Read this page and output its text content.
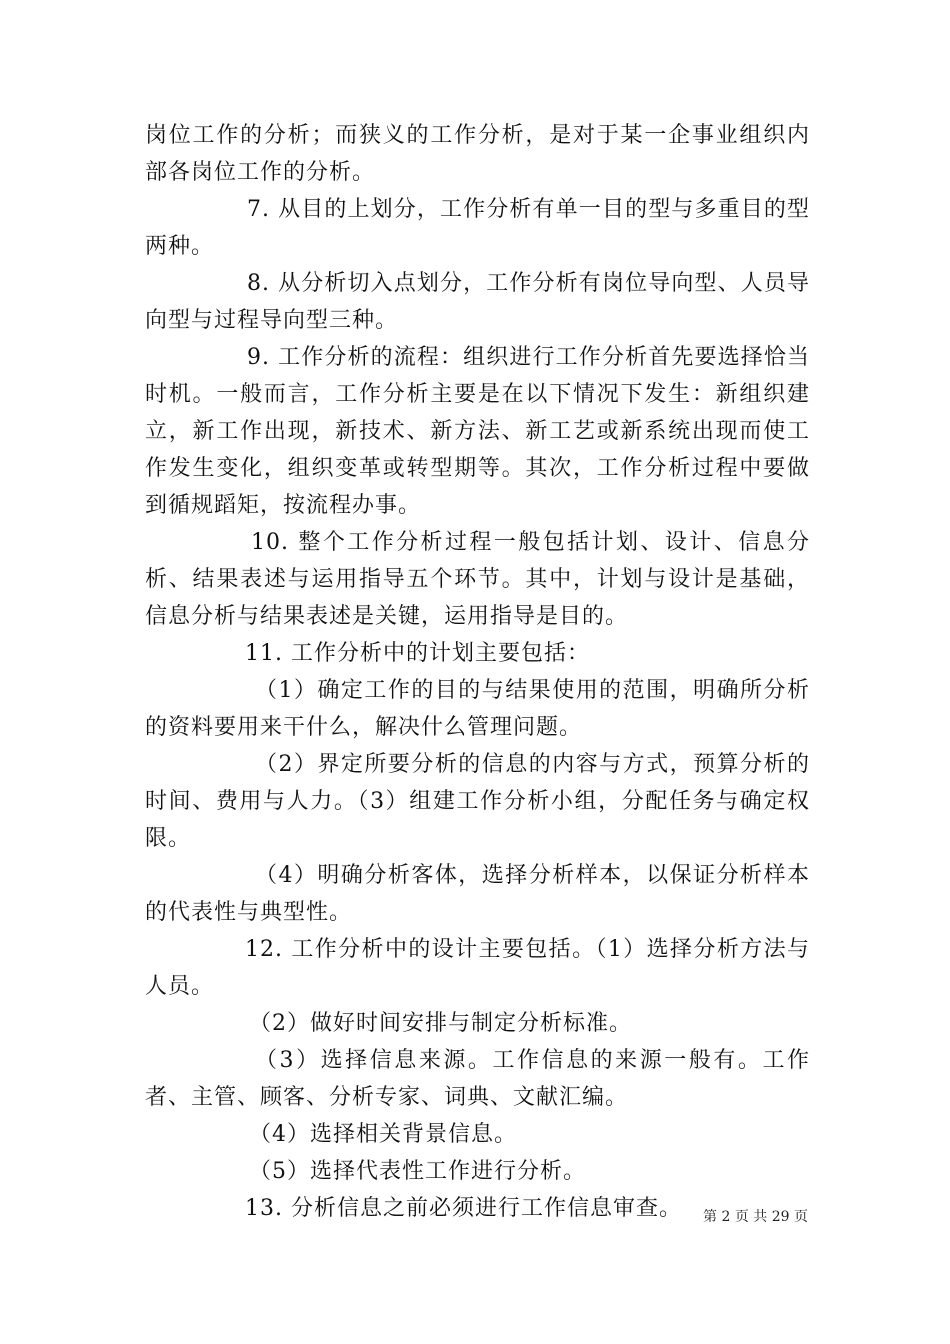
岗位工作的分析；而狭义的工作分析，是对于某一企事业组织内部各岗位工作的分析。

7. 从目的上划分，工作分析有单一目的型与多重目的型两种。

8. 从分析切入点划分，工作分析有岗位导向型、人员导向型与过程导向型三种。

9. 工作分析的流程：组织进行工作分析首先要选择恰当时机。一般而言，工作分析主要是在以下情况下发生：新组织建立，新工作出现，新技术、新方法、新工艺或新系统出现而使工作发生变化，组织变革或转型期等。其次，工作分析过程中要做到循规蹈矩，按流程办事。

10. 整个工作分析过程一般包括计划、设计、信息分析、结果表述与运用指导五个环节。其中，计划与设计是基础，信息分析与结果表述是关键，运用指导是目的。

11. 工作分析中的计划主要包括：

（1）确定工作的目的与结果使用的范围，明确所分析的资料要用来干什么，解决什么管理问题。

（2）界定所要分析的信息的内容与方式，预算分析的时间、费用与人力。（3）组建工作分析小组，分配任务与确定权限。

（4）明确分析客体，选择分析样本，以保证分析样本的代表性与典型性。

12. 工作分析中的设计主要包括。（1）选择分析方法与人员。

（2）做好时间安排与制定分析标准。

（3）选择信息来源。工作信息的来源一般有。工作者、主管、顾客、分析专家、词典、文献汇编。

（4）选择相关背景信息。

（5）选择代表性工作进行分析。

13. 分析信息之前必须进行工作信息审查。	第 2 页 共 29 页
